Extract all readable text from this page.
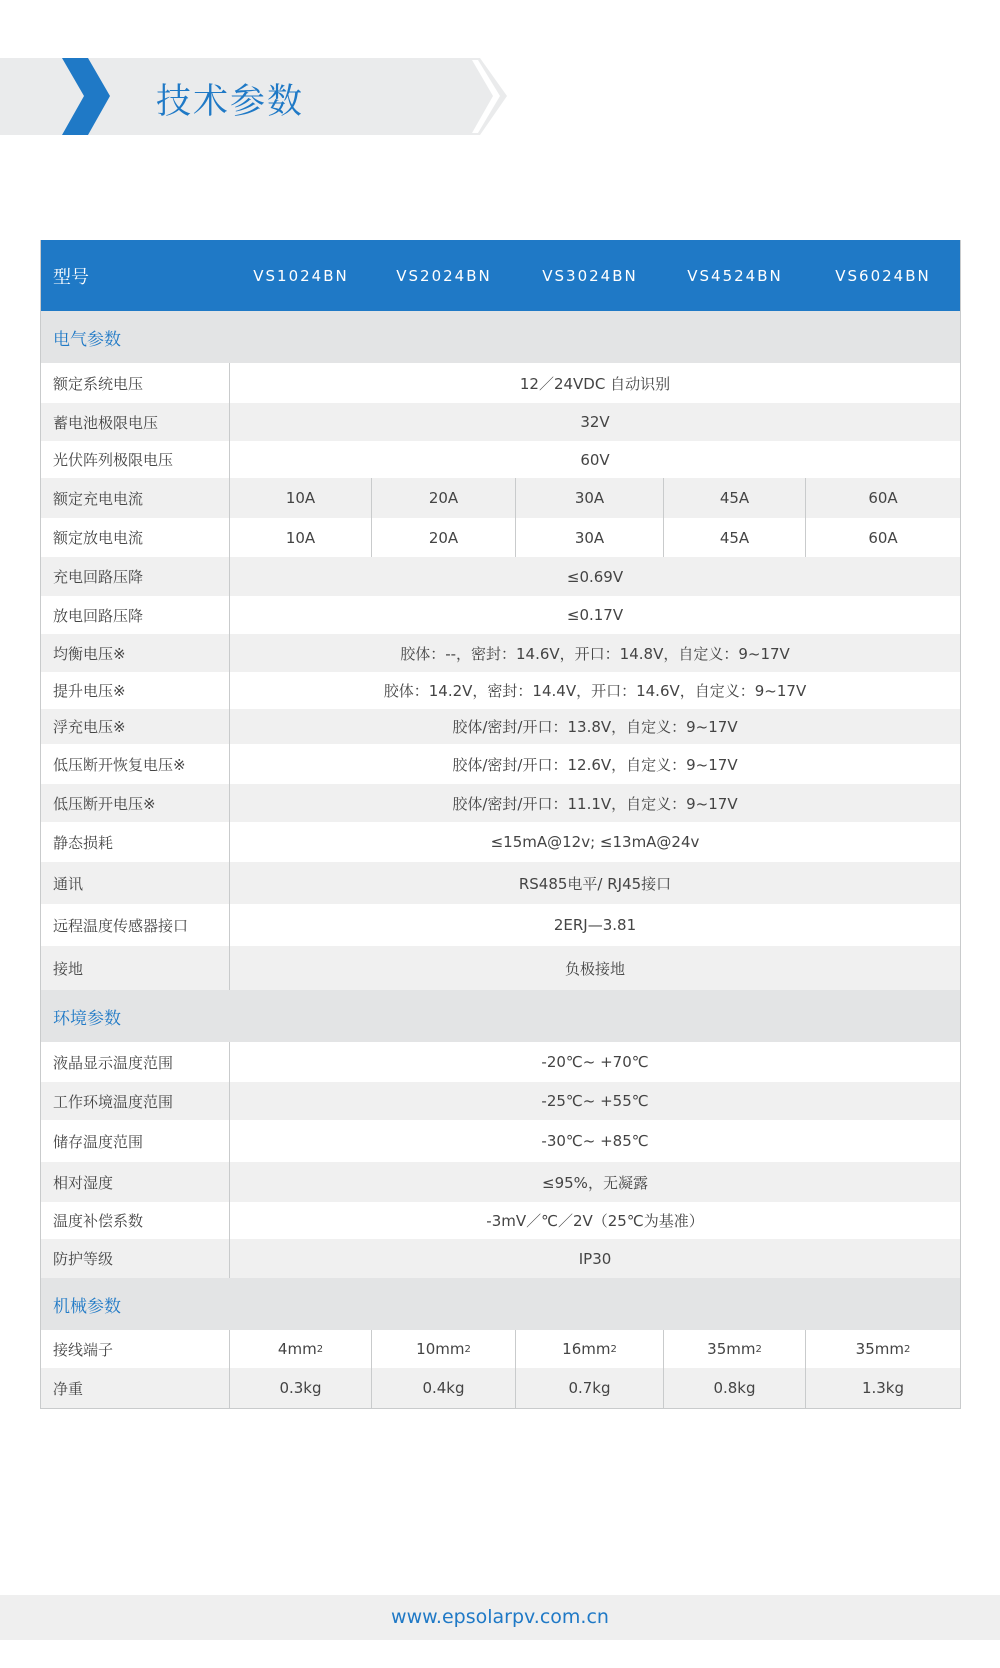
技术参数
型号	VS1024BN	VS2024BN	VS3024BN	VS4524BN	VS6024BN
电气参数
额定系统电压	12／24VDC 自动识别
蓄电池极限电压	32V
光伏阵列极限电压	60V
额定充电电流	10A	20A	30A	45A	60A
额定放电电流	10A	20A	30A	45A	60A
充电回路压降	≤0.69V
放电回路压降	≤0.17V
均衡电压※	胶体：--，密封：14.6V，开口：14.8V，自定义：9~17V
提升电压※	胶体：14.2V，密封：14.4V，开口：14.6V，自定义：9~17V
浮充电压※	胶体/密封/开口：13.8V，自定义：9~17V
低压断开恢复电压※	胶体/密封/开口：12.6V，自定义：9~17V
低压断开电压※	胶体/密封/开口：11.1V，自定义：9~17V
静态损耗	≤15mA@12v; ≤13mA@24v
通讯	RS485电平/ RJ45接口
远程温度传感器接口	2ERJ—3.81
接地	负极接地
环境参数
液晶显示温度范围	-20℃~ +70℃
工作环境温度范围	-25℃~ +55℃
储存温度范围	-30℃~ +85℃
相对湿度	≤95%，无凝露
温度补偿系数	-3mV／℃／2V（25℃为基准）
防护等级	IP30
机械参数
接线端子	4mm 2	10mm 2	16mm 2	35mm 2	35mm 2
净重	0.3kg	0.4kg	0.7kg	0.8kg	1.3kg
www.epsolarpv.com.cn
